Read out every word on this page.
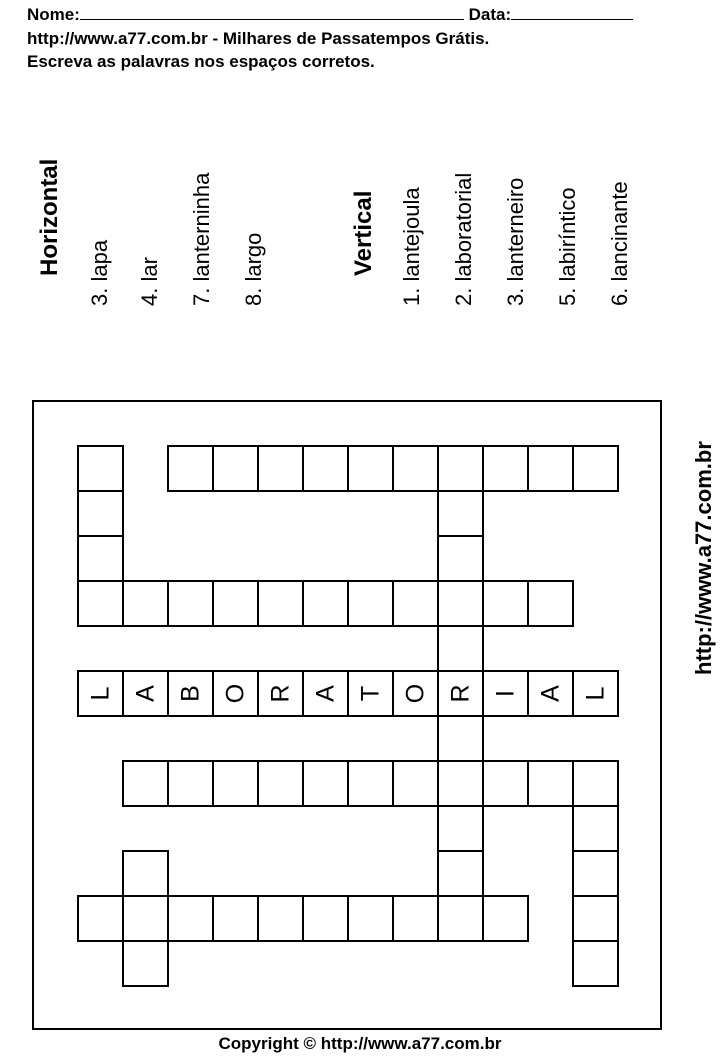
Nome:	Data:
http://www.a77.com.br - Milhares de Passatempos Grátis.
Escreva as palavras nos espaços corretos.
Horizontal 3. lapa 4. lar 7. lanterninha 8. largo	Vertical 1. lantejoula 2. laboratorial 3. lanterneiro 5. labiríntico 6. lancinante
http://www.a77.com.br
L A B O R A T O R I A L
Copyright © http://www.a77.com.br
